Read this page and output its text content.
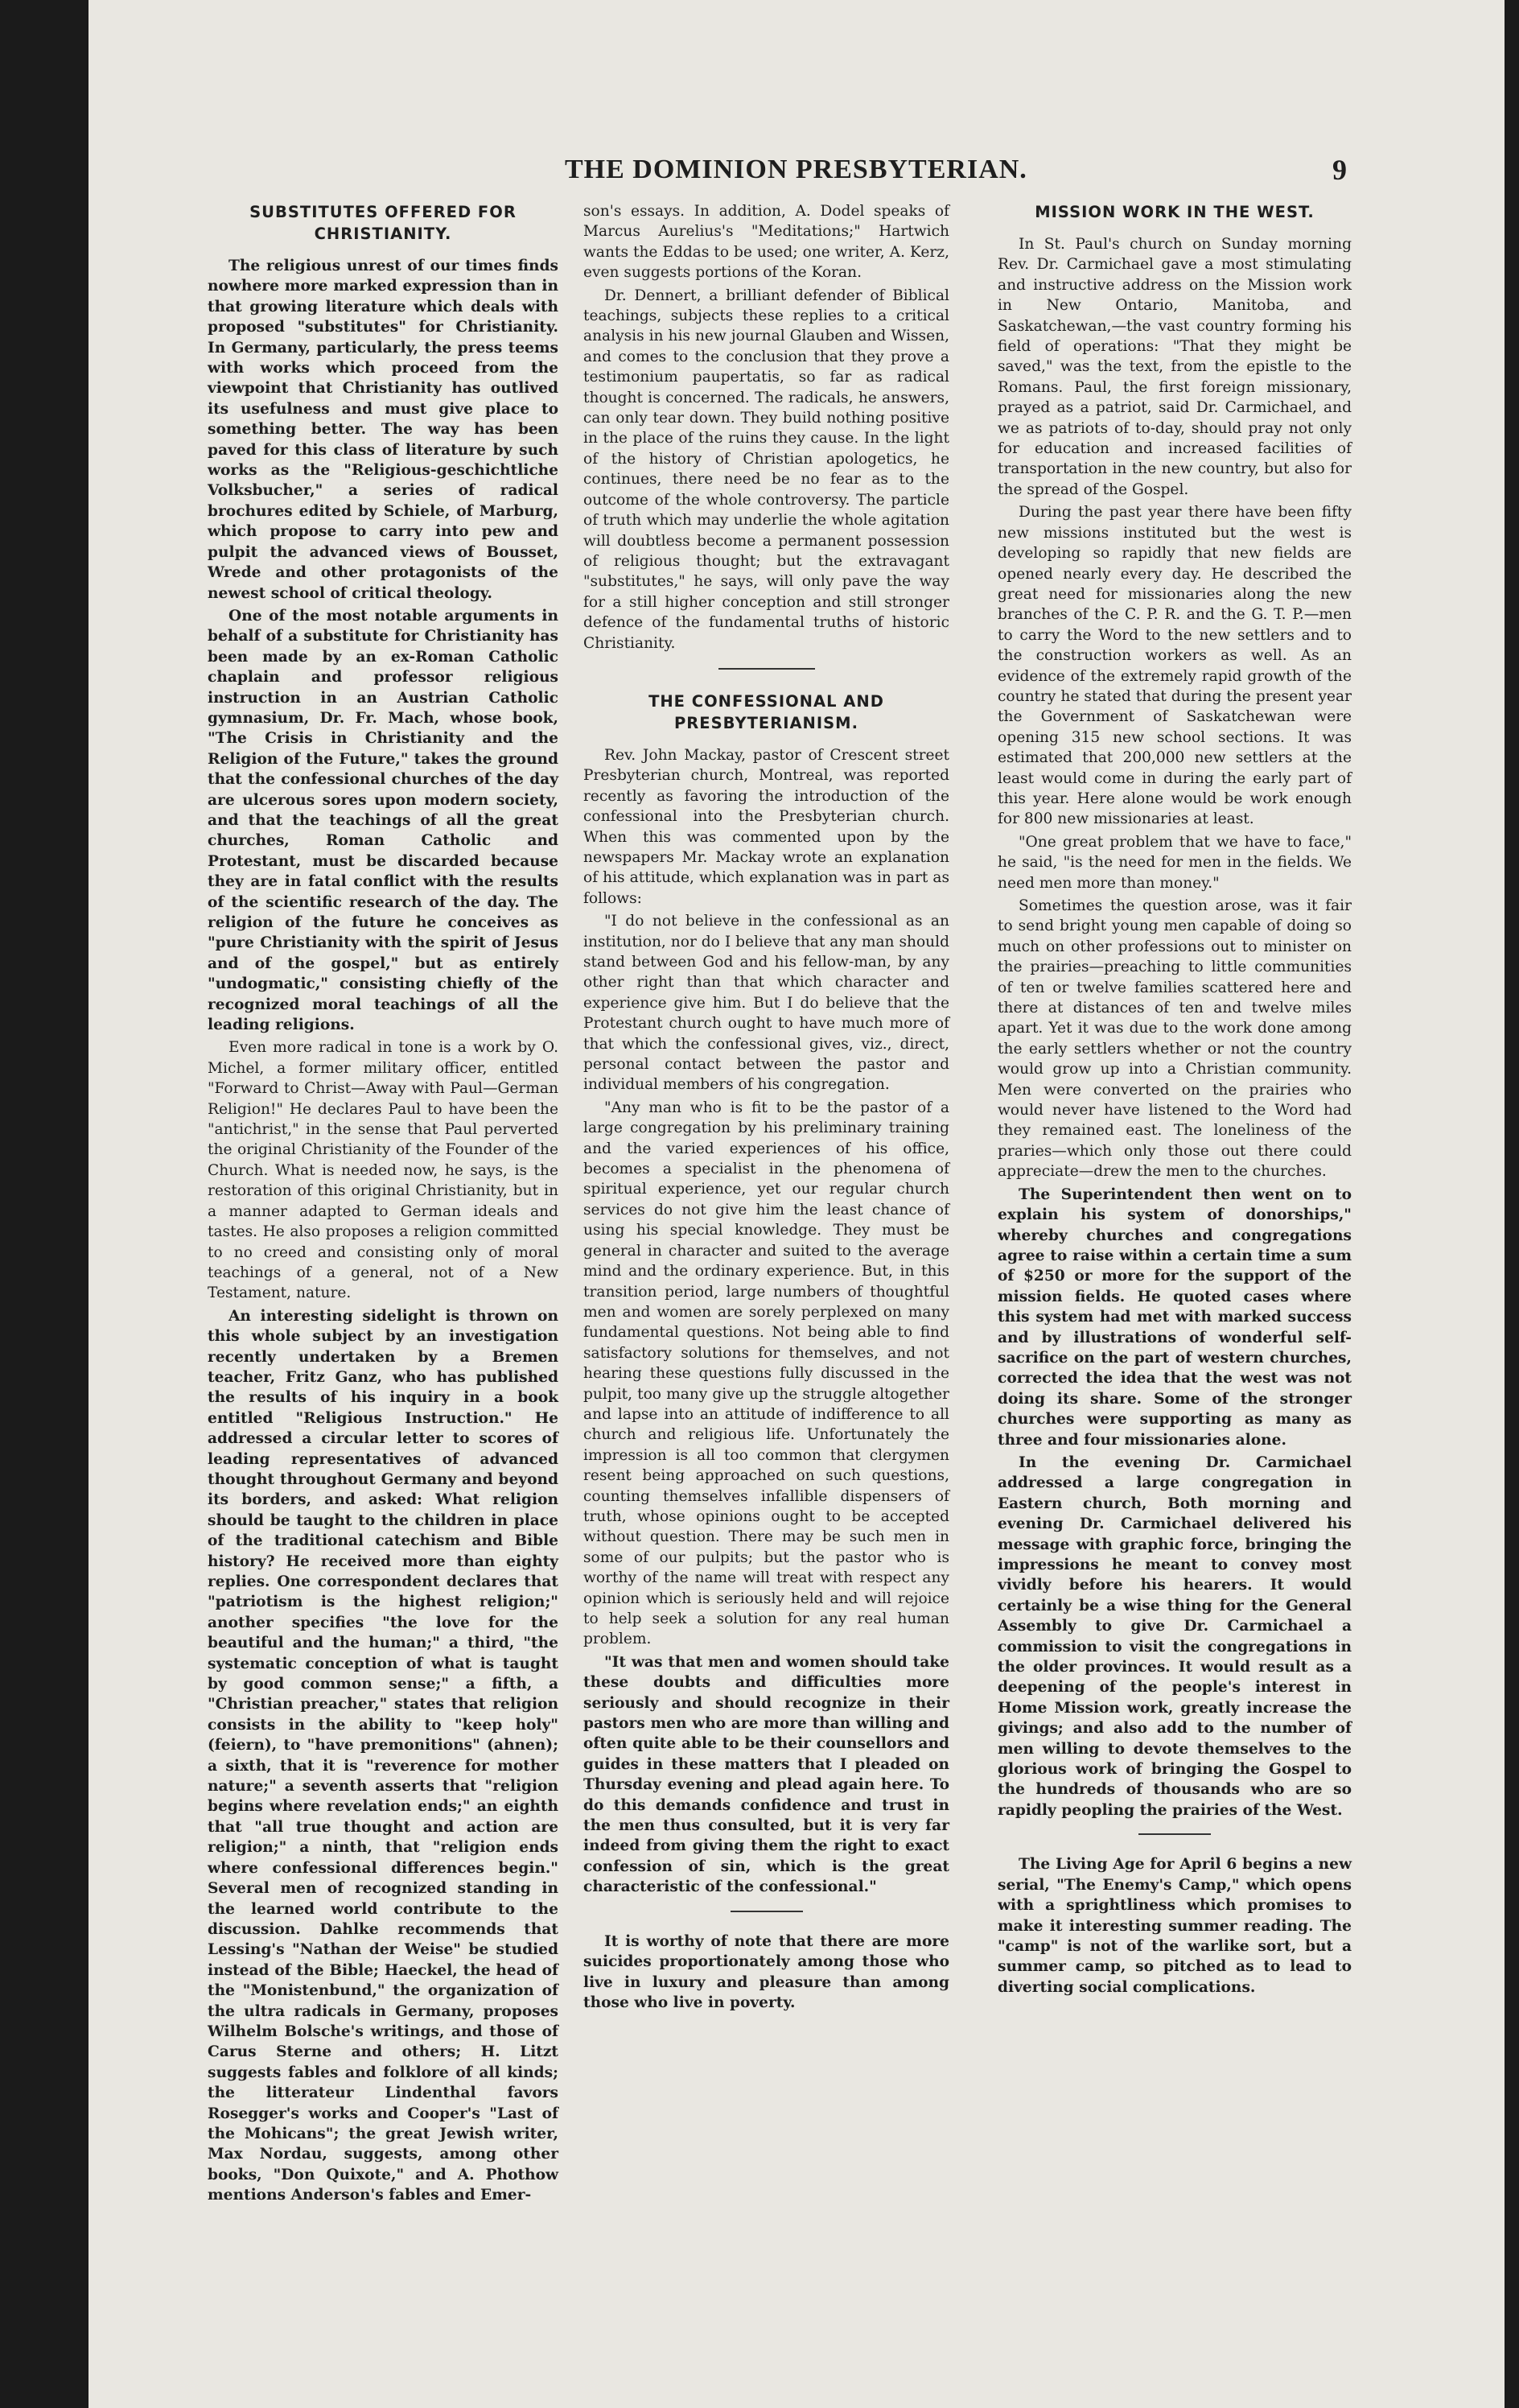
THE DOMINION PRESBYTERIAN.	9
SUBSTITUTES OFFERED FOR CHRISTIANITY.

The religious unrest of our times finds nowhere more marked expression than in that growing literature which deals with proposed "substitutes" for Christianity. In Germany, particularly, the press teems with works which proceed from the viewpoint that Christianity has outlived its usefulness and must give place to something better. The way has been paved for this class of literature by such works as the "Religious-geschichtliche Volksbucher," a series of radical brochures edited by Schiele, of Marburg, which propose to carry into pew and pulpit the advanced views of Bousset, Wrede and other protagonists of the newest school of critical theology.

One of the most notable arguments in behalf of a substitute for Christianity has been made by an ex-Roman Catholic chaplain and professor religious instruction in an Austrian Catholic gymnasium, Dr. Fr. Mach, whose book, "The Crisis in Christianity and the Religion of the Future," takes the ground that the confessional churches of the day are ulcerous sores upon modern society, and that the teachings of all the great churches, Roman Catholic and Protestant, must be discarded because they are in fatal conflict with the results of the scientific research of the day. The religion of the future he conceives as "pure Christianity with the spirit of Jesus and of the gospel," but as entirely "undogmatic," consisting chiefly of the recognized moral teachings of all the leading religions.

Even more radical in tone is a work by O. Michel, a former military officer, entitled "Forward to Christ—Away with Paul—German Religion!" He declares Paul to have been the "antichrist," in the sense that Paul perverted the original Christianity of the Founder of the Church. What is needed now, he says, is the restoration of this original Christianity, but in a manner adapted to German ideals and tastes. He also proposes a religion committed to no creed and consisting only of moral teachings of a general, not of a New Testament, nature.

An interesting sidelight is thrown on this whole subject by an investigation recently undertaken by a Bremen teacher, Fritz Ganz, who has published the results of his inquiry in a book entitled "Religious Instruction." He addressed a circular letter to scores of leading representatives of advanced thought throughout Germany and beyond its borders, and asked: What religion should be taught to the children in place of the traditional catechism and Bible history? He received more than eighty replies. One correspondent declares that "patriotism is the highest religion;" another specifies "the love for the beautiful and the human;" a third, "the systematic conception of what is taught by good common sense;" a fifth, a "Christian preacher," states that religion consists in the ability to "keep holy" (feiern), to "have premonitions" (ahnen); a sixth, that it is "reverence for mother nature;" a seventh asserts that "religion begins where revelation ends;" an eighth that "all true thought and action are religion;" a ninth, that "religion ends where confessional differences begin." Several men of recognized standing in the learned world contribute to the discussion. Dahlke recommends that Lessing's "Nathan der Weise" be studied instead of the Bible; Haeckel, the head of the "Monistenbund," the organization of the ultra radicals in Germany, proposes Wilhelm Bolsche's writings, and those of Carus Sterne and others; H. Litzt suggests fables and folklore of all kinds; the litterateur Lindenthal favors Rosegger's works and Cooper's "Last of the Mohicans"; the great Jewish writer, Max Nordau, suggests, among other books, "Don Quixote," and A. Phothow mentions Anderson's fables and Emer-

son's essays. In addition, A. Dodel speaks of Marcus Aurelius's "Meditations;" Hartwich wants the Eddas to be used; one writer, A. Kerz, even suggests portions of the Koran.

Dr. Dennert, a brilliant defender of Biblical teachings, subjects these replies to a critical analysis in his new journal Glauben and Wissen, and comes to the conclusion that they prove a testimonium paupertatis, so far as radical thought is concerned. The radicals, he answers, can only tear down. They build nothing positive in the place of the ruins they cause. In the light of the history of Christian apologetics, he continues, there need be no fear as to the outcome of the whole controversy. The particle of truth which may underlie the whole agitation will doubtless become a permanent possession of religious thought; but the extravagant "substitutes," he says, will only pave the way for a still higher conception and still stronger defence of the fundamental truths of historic Christianity.

THE CONFESSIONAL AND PRESBYTERIANISM.

Rev. John Mackay, pastor of Crescent street Presbyterian church, Montreal, was reported recently as favoring the introduction of the confessional into the Presbyterian church. When this was commented upon by the newspapers Mr. Mackay wrote an explanation of his attitude, which explanation was in part as follows:

"I do not believe in the confessional as an institution, nor do I believe that any man should stand between God and his fellow-man, by any other right than that which character and experience give him. But I do believe that the Protestant church ought to have much more of that which the confessional gives, viz., direct, personal contact between the pastor and individual members of his congregation.

"Any man who is fit to be the pastor of a large congregation by his preliminary training and the varied experiences of his office, becomes a specialist in the phenomena of spiritual experience, yet our regular church services do not give him the least chance of using his special knowledge. They must be general in character and suited to the average mind and the ordinary experience. But, in this transition period, large numbers of thoughtful men and women are sorely perplexed on many fundamental questions. Not being able to find satisfactory solutions for themselves, and not hearing these questions fully discussed in the pulpit, too many give up the struggle altogether and lapse into an attitude of indifference to all church and religious life. Unfortunately the impression is all too common that clergymen resent being approached on such questions, counting themselves infallible dispensers of truth, whose opinions ought to be accepted without question. There may be such men in some of our pulpits; but the pastor who is worthy of the name will treat with respect any opinion which is seriously held and will rejoice to help seek a solution for any real human problem.

"It was that men and women should take these doubts and difficulties more seriously and should recognize in their pastors men who are more than willing and often quite able to be their counsellors and guides in these matters that I pleaded on Thursday evening and plead again here. To do this demands confidence and trust in the men thus consulted, but it is very far indeed from giving them the right to exact confession of sin, which is the great characteristic of the confessional."

It is worthy of note that there are more suicides proportionately among those who live in luxury and pleasure than among those who live in poverty.

MISSION WORK IN THE WEST.

In St. Paul's church on Sunday morning Rev. Dr. Carmichael gave a most stimulating and instructive address on the Mission work in New Ontario, Manitoba, and Saskatchewan,—the vast country forming his field of operations: "That they might be saved," was the text, from the epistle to the Romans. Paul, the first foreign missionary, prayed as a patriot, said Dr. Carmichael, and we as patriots of to-day, should pray not only for education and increased facilities of transportation in the new country, but also for the spread of the Gospel.

During the past year there have been fifty new missions instituted but the west is developing so rapidly that new fields are opened nearly every day. He described the great need for missionaries along the new branches of the C. P. R. and the G. T. P.—men to carry the Word to the new settlers and to the construction workers as well. As an evidence of the extremely rapid growth of the country he stated that during the present year the Government of Saskatchewan were opening 315 new school sections. It was estimated that 200,000 new settlers at the least would come in during the early part of this year. Here alone would be work enough for 800 new missionaries at least.

"One great problem that we have to face," he said, "is the need for men in the fields. We need men more than money."

Sometimes the question arose, was it fair to send bright young men capable of doing so much on other professions out to minister on the prairies—preaching to little communities of ten or twelve families scattered here and there at distances of ten and twelve miles apart. Yet it was due to the work done among the early settlers whether or not the country would grow up into a Christian community. Men were converted on the prairies who would never have listened to the Word had they remained east. The loneliness of the praries—which only those out there could appreciate—drew the men to the churches.

The Superintendent then went on to explain his system of donorships," whereby churches and congregations agree to raise within a certain time a sum of $250 or more for the support of the mission fields. He quoted cases where this system had met with marked success and by illustrations of wonderful self-sacrifice on the part of western churches, corrected the idea that the west was not doing its share. Some of the stronger churches were supporting as many as three and four missionaries alone.

In the evening Dr. Carmichael addressed a large congregation in Eastern church, Both morning and evening Dr. Carmichael delivered his message with graphic force, bringing the impressions he meant to convey most vividly before his hearers. It would certainly be a wise thing for the General Assembly to give Dr. Carmichael a commission to visit the congregations in the older provinces. It would result as a deepening of the people's interest in Home Mission work, greatly increase the givings; and also add to the number of men willing to devote themselves to the glorious work of bringing the Gospel to the hundreds of thousands who are so rapidly peopling the prairies of the West.

The Living Age for April 6 begins a new serial, "The Enemy's Camp," which opens with a sprightliness which promises to make it interesting summer reading. The "camp" is not of the warlike sort, but a summer camp, so pitched as to lead to diverting social complications.
